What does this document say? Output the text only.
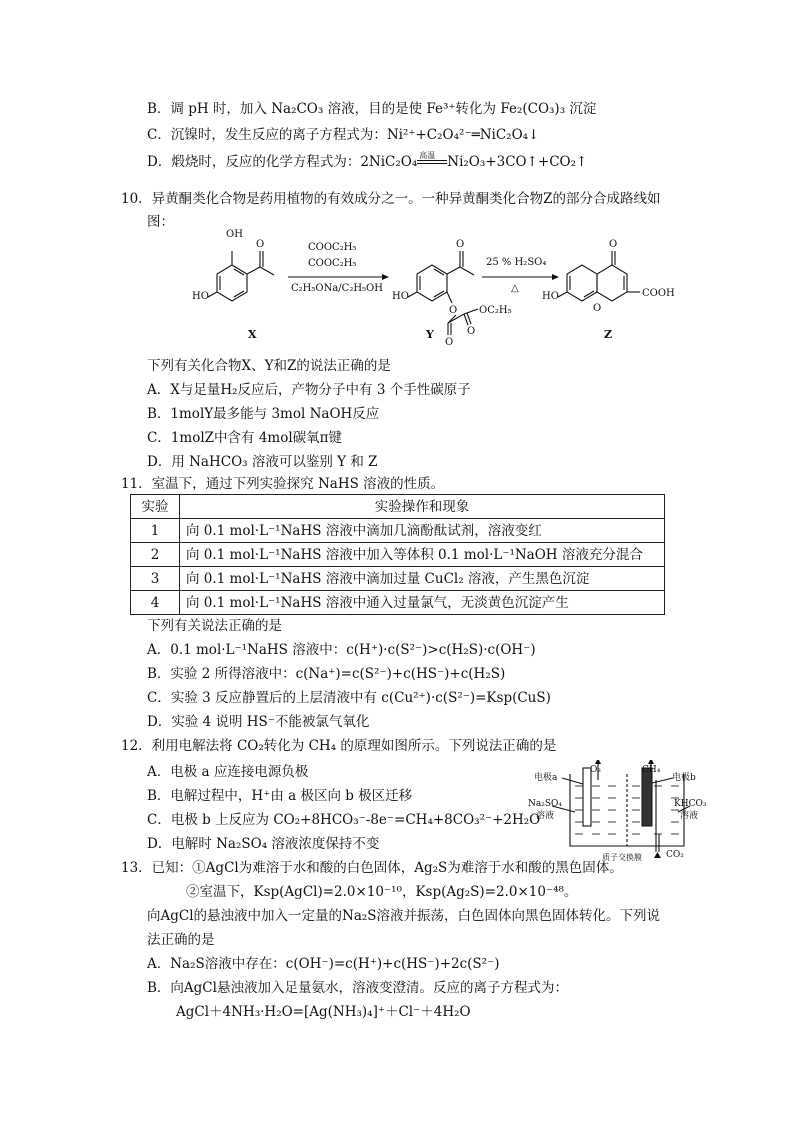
B．调 pH 时，加入 Na₂CO₃ 溶液，目的是使 Fe³⁺转化为 Fe₂(CO₃)₃ 沉淀
C．沉镍时，发生反应的离子方程式为：Ni²⁺+C₂O₄²⁻═NiC₂O₄↓
D．煅烧时，反应的化学方程式为：2NiC₂O₄ 高温 Ni₂O₃+3CO↑+CO₂↑
10．异黄酮类化合物是药用植物的有效成分之一。一种异黄酮类化合物Z的部分合成路线如
图：
OH
O
HO
COOC₂H₅
COOC₂H₅
C₂H₅ONa/C₂H₅OH
O
HO
O
O
O
OC₂H₅
25 % H₂SO₄
△
O
HO
O
COOH
X	Y	Z
下列有关化合物X、Y和Z的说法正确的是
A．X与足量H₂反应后，产物分子中有 3 个手性碳原子
B．1molY最多能与 3mol NaOH反应
C．1molZ中含有 4mol碳氧π键
D．用 NaHCO₃ 溶液可以鉴别 Y 和 Z
11．室温下，通过下列实验探究 NaHS 溶液的性质。
实验	实验操作和现象
1	向 0.1 mol·L⁻¹NaHS 溶液中滴加几滴酚酞试剂，溶液变红
2	向 0.1 mol·L⁻¹NaHS 溶液中加入等体积 0.1 mol·L⁻¹NaOH 溶液充分混合
3	向 0.1 mol·L⁻¹NaHS 溶液中滴加过量 CuCl₂ 溶液，产生黑色沉淀
4	向 0.1 mol·L⁻¹NaHS 溶液中通入过量氯气，无淡黄色沉淀产生
下列有关说法正确的是
A．0.1 mol·L⁻¹NaHS 溶液中：c(H⁺)·c(S²⁻)>c(H₂S)·c(OH⁻)
B．实验 2 所得溶液中：c(Na⁺)=c(S²⁻)+c(HS⁻)+c(H₂S)
C．实验 3 反应静置后的上层清液中有 c(Cu²⁺)·c(S²⁻)=Ksp(CuS)
D．实验 4 说明 HS⁻不能被氯气氧化
12．利用电解法将 CO₂转化为 CH₄ 的原理如图所示。下列说法正确的是
A．电极 a 应连接电源负极
B．电解过程中，H⁺由 a 极区向 b 极区迁移
C．电极 b 上反应为 CO₂+8HCO₃⁻-8e⁻=CH₄+8CO₃²⁻+2H₂O
D．电解时 Na₂SO₄ 溶液浓度保持不变
O₂	CH₄
电极a	电极b
Na₂SO₄
溶液
KHCO₃
溶液
质子交换膜	CO₂
13．已知：①AgCl为难溶于水和酸的白色固体，Ag₂S为难溶于水和酸的黑色固体。
②室温下，Ksp(AgCl)=2.0×10⁻¹⁰，Ksp(Ag₂S)=2.0×10⁻⁴⁸。
向AgCl的悬浊液中加入一定量的Na₂S溶液并振荡，白色固体向黑色固体转化。下列说
法正确的是
A．Na₂S溶液中存在：c(OH⁻)=c(H⁺)+c(HS⁻)+2c(S²⁻)
B．向AgCl悬浊液加入足量氨水，溶液变澄清。反应的离子方程式为：
AgCl＋4NH₃·H₂O=[Ag(NH₃)₄]⁺＋Cl⁻＋4H₂O
